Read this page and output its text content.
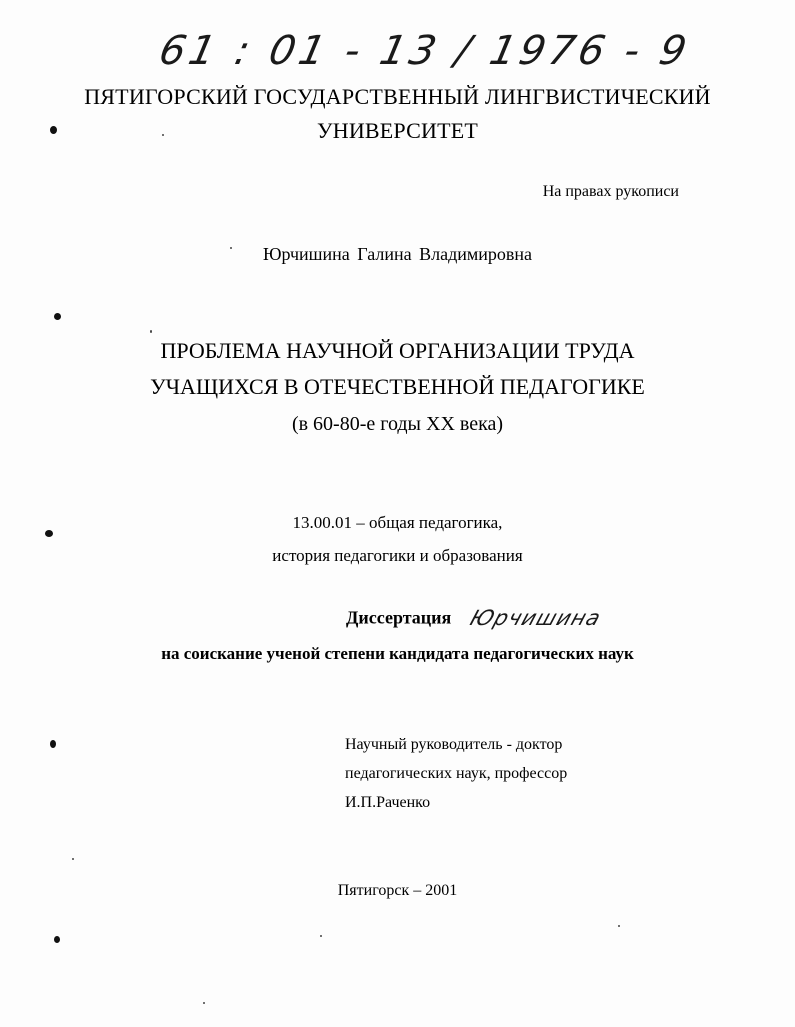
61 : 01 - 13 / 1976 - 9
ПЯТИГОРСКИЙ ГОСУДАРСТВЕННЫЙ ЛИНГВИСТИЧЕСКИЙ
УНИВЕРСИТЕТ
На правах рукописи
Юрчишина Галина Владимировна
ПРОБЛЕМА НАУЧНОЙ ОРГАНИЗАЦИИ ТРУДА
УЧАЩИХСЯ В ОТЕЧЕСТВЕННОЙ ПЕДАГОГИКЕ
(в 60-80-е годы XX века)
13.00.01 – общая педагогика,
история педагогики и образования
Диссертация Юрчишина
на соискание ученой степени кандидата педагогических наук
Научный руководитель - доктор
педагогических наук, профессор
И.П.Раченко
Пятигорск – 2001
